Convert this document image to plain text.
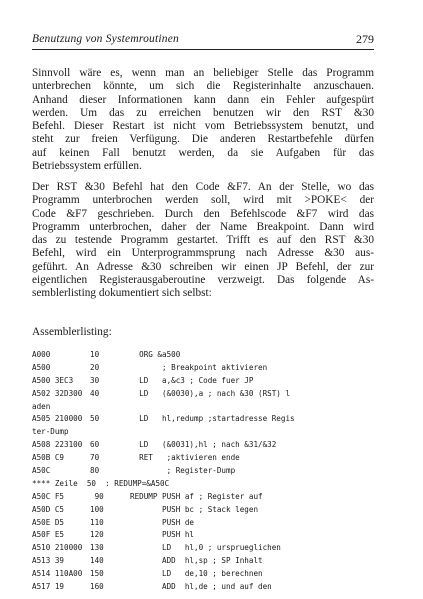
Benutzung von Systemroutinen	279
Sinnvoll wäre es, wenn man an beliebiger Stelle das Programm
unterbrechen könnte, um sich die Registerinhalte anzuschauen.
Anhand dieser Informationen kann dann ein Fehler aufgespürt
werden. Um das zu erreichen benutzen wir den RST &30
Befehl. Dieser Restart ist nicht vom Betriebssystem benutzt, und
steht zur freien Verfügung. Die anderen Restartbefehle dürfen
auf keinen Fall benutzt werden, da sie Aufgaben für das
Betriebssystem erfüllen.
Der RST &30 Befehl hat den Code &F7. An der Stelle, wo das
Programm unterbrochen werden soll, wird mit >POKE< der
Code &F7 geschrieben. Durch den Befehlscode &F7 wird das
Programm unterbrochen, daher der Name Breakpoint. Dann wird
das zu testende Programm gestartet. Trifft es auf den RST &30
Befehl, wird ein Unterprogrammsprung nach Adresse &30 aus-
geführt. An Adresse &30 schreiben wir einen JP Befehl, der zur
eigentlichen Registerausgaberoutine verzweigt. Das folgende As-
semblerlisting dokumentiert sich selbst:
Assemblerlisting:
A000	10	ORG &a500
A500	20	; Breakpoint aktivieren
A500 3EC3 30	LD   a,&c3 ; Code fuer JP
A502 32D300 40	LD   (&0030),a ; nach &30 (RST) l
aden
A505 210000 50	LD   hl,redump ;startadresse Regis
ter-Dump
A508 223100 60	LD   (&0031),hl ; nach &31/&32
A50B C9	70	RET   ;aktivieren ende
A50C	80	; Register-Dump
**** Zeile  50  : REDUMP=&A50C
A50C F5	90	REDUMP PUSH af ; Register auf
A50D C5	100	PUSH bc ; Stack legen
A50E D5	110	PUSH de
A50F E5	120	PUSH hl
A510 210000 130	LD   hl,0 ; ursprueglichen
A513 39	140	ADD  hl,sp ; SP Inhalt
A514 110A00 150	LD   de,10 ; berechnen
A517 19	160	ADD  hl,de ; und auf den
